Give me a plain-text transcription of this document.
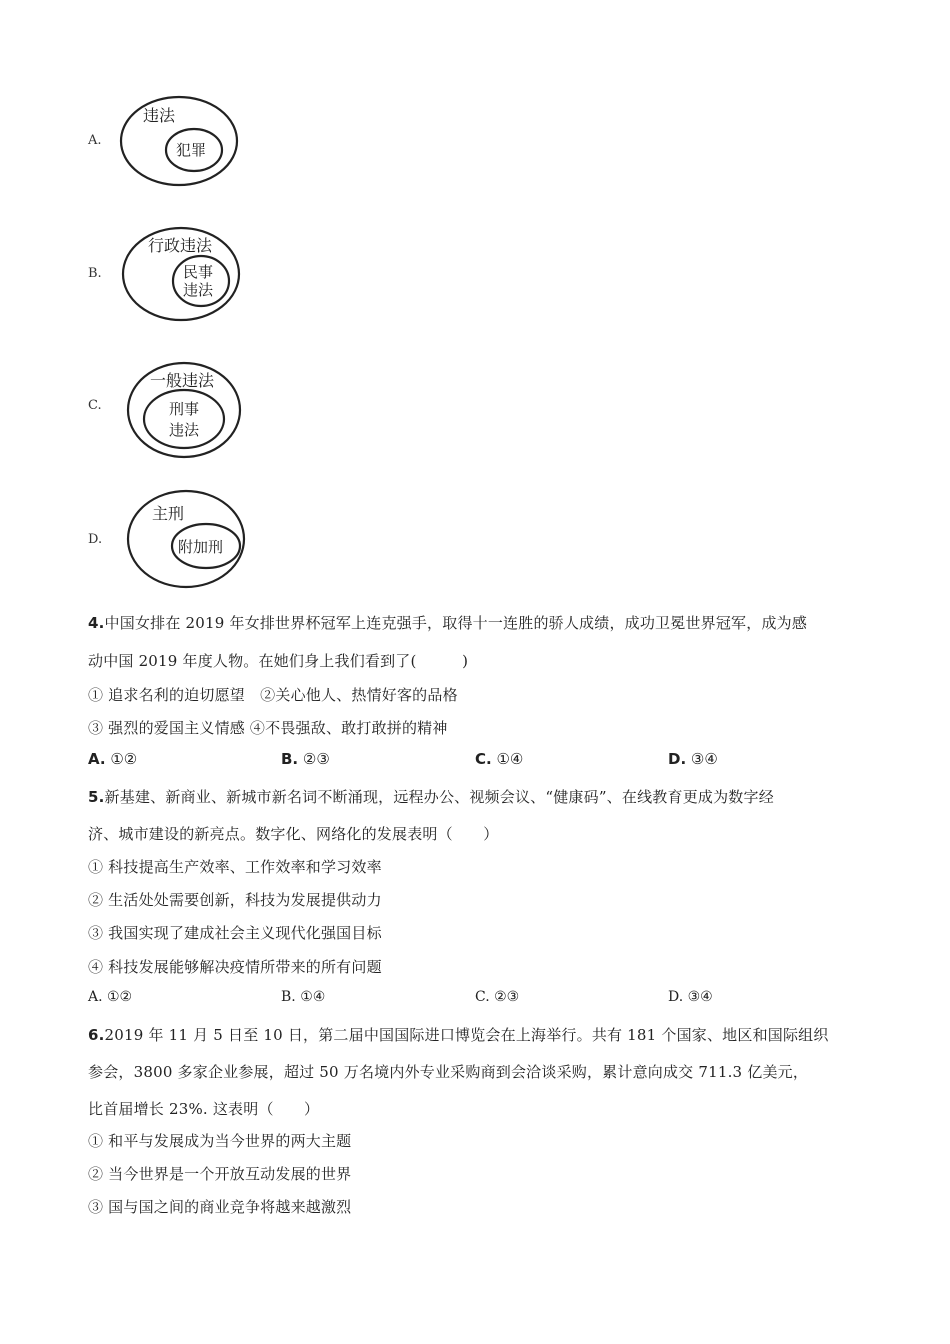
A.
违法
犯罪
B.
行政违法
民事
违法
C.
一般违法
刑事
违法
D.
主刑
附加刑
4.中国女排在 2019 年女排世界杯冠军上连克强手，取得十一连胜的骄人成绩，成功卫冕世界冠军，成为感
动中国 2019 年度人物。在她们身上我们看到了(　　　)
① 追求名利的迫切愿望　②关心他人、热情好客的品格
③ 强烈的爱国主义情感 ④不畏强敌、敢打敢拼的精神
A. ①②	B. ②③	C. ①④	D. ③④
5.新基建、新商业、新城市新名词不断涌现，远程办公、视频会议、“健康码”、在线教育更成为数字经
济、城市建设的新亮点。数字化、网络化的发展表明（　　）
① 科技提高生产效率、工作效率和学习效率
② 生活处处需要创新，科技为发展提供动力
③ 我国实现了建成社会主义现代化强国目标
④ 科技发展能够解决疫情所带来的所有问题
A. ①②	B. ①④	C. ②③	D. ③④
6.2019 年 11 月 5 日至 10 日，第二届中国国际进口博览会在上海举行。共有 181 个国家、地区和国际组织
参会，3800 多家企业参展，超过 50 万名境内外专业采购商到会洽谈采购，累计意向成交 711.3 亿美元，
比首届增长 23%. 这表明（　　）
① 和平与发展成为当今世界的两大主题
② 当今世界是一个开放互动发展的世界
③ 国与国之间的商业竞争将越来越激烈
